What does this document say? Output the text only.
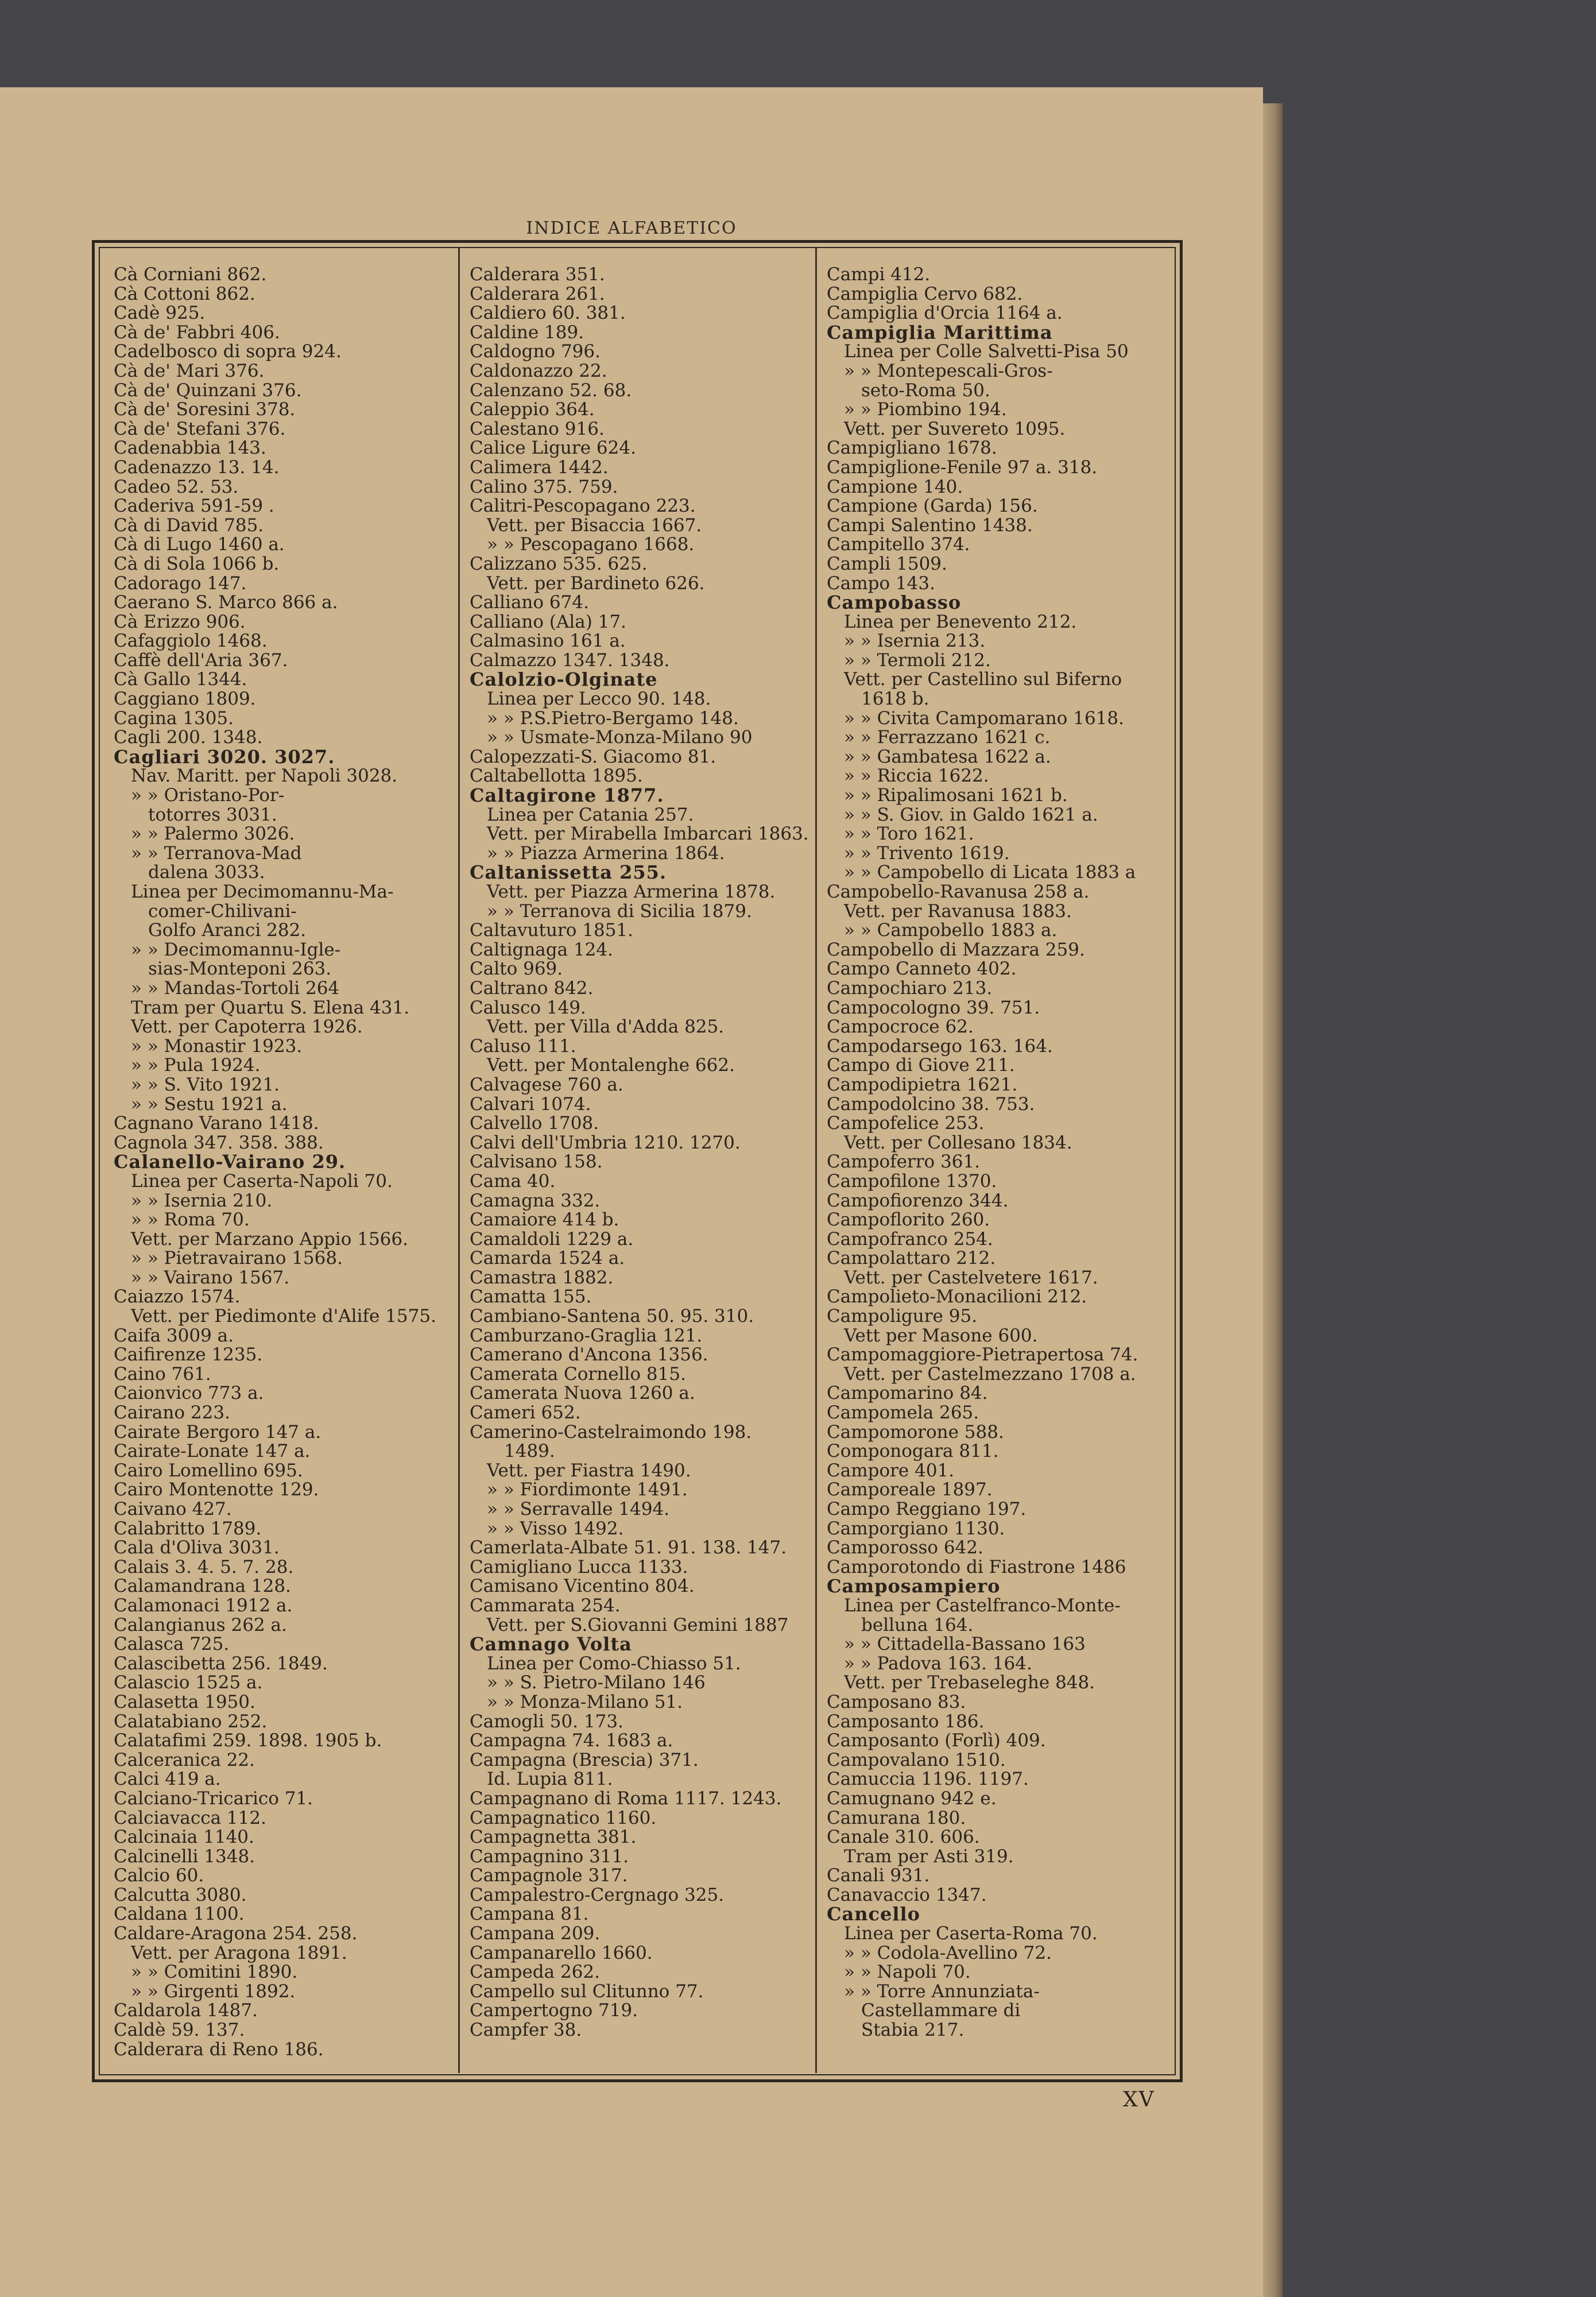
INDICE ALFABETICO
Cà Corniani 862.
Cà Cottoni 862.
Cadè 925.
Cà de' Fabbri 406.
Cadelbosco di sopra 924.
Cà de' Mari 376.
Cà de' Quinzani 376.
Cà de' Soresini 378.
Cà de' Stefani 376.
Cadenabbia 143.
Cadenazzo 13. 14.
Cadeo 52. 53.
Caderiva 591-59 .
Cà di David 785.
Cà di Lugo 1460 a.
Cà di Sola 1066 b.
Cadorago 147.
Caerano S. Marco 866 a.
Cà Erizzo 906.
Cafaggiolo 1468.
Caffè dell'Aria 367.
Cà Gallo 1344.
Caggiano 1809.
Cagina 1305.
Cagli 200. 1348.
Cagliari 3020. 3027.
Nav. Maritt. per Napoli 3028.
» » Oristano-Por-
totorres 3031.
» » Palermo 3026.
» » Terranova-Mad
dalena 3033.
Linea per Decimomannu-Ma-
comer-Chilivani-
Golfo Aranci 282.
» » Decimomannu-Igle-
sias-Monteponi 263.
» » Mandas-Tortoli 264
Tram per Quartu S. Elena 431.
Vett. per Capoterra 1926.
» » Monastir 1923.
» » Pula 1924.
» » S. Vito 1921.
» » Sestu 1921 a.
Cagnano Varano 1418.
Cagnola 347. 358. 388.
Calanello-Vairano 29.
Linea per Caserta-Napoli 70.
» » Isernia 210.
» » Roma 70.
Vett. per Marzano Appio 1566.
» » Pietravairano 1568.
» » Vairano 1567.
Caiazzo 1574.
Vett. per Piedimonte d'Alife 1575.
Caifa 3009 a.
Caifirenze 1235.
Caino 761.
Caionvico 773 a.
Cairano 223.
Cairate Bergoro 147 a.
Cairate-Lonate 147 a.
Cairo Lomellino 695.
Cairo Montenotte 129.
Caivano 427.
Calabritto 1789.
Cala d'Oliva 3031.
Calais 3. 4. 5. 7. 28.
Calamandrana 128.
Calamonaci 1912 a.
Calangianus 262 a.
Calasca 725.
Calascibetta 256. 1849.
Calascio 1525 a.
Calasetta 1950.
Calatabiano 252.
Calatafimi 259. 1898. 1905 b.
Calceranica 22.
Calci 419 a.
Calciano-Tricarico 71.
Calciavacca 112.
Calcinaia 1140.
Calcinelli 1348.
Calcio 60.
Calcutta 3080.
Caldana 1100.
Caldare-Aragona 254. 258.
Vett. per Aragona 1891.
» » Comitini 1890.
» » Girgenti 1892.
Caldarola 1487.
Caldè 59. 137.
Calderara di Reno 186.
Calderara 351.
Calderara 261.
Caldiero 60. 381.
Caldine 189.
Caldogno 796.
Caldonazzo 22.
Calenzano 52. 68.
Caleppio 364.
Calestano 916.
Calice Ligure 624.
Calimera 1442.
Calino 375. 759.
Calitri-Pescopagano 223.
Vett. per Bisaccia 1667.
» » Pescopagano 1668.
Calizzano 535. 625.
Vett. per Bardineto 626.
Calliano 674.
Calliano (Ala) 17.
Calmasino 161 a.
Calmazzo 1347. 1348.
Calolzio-Olginate
Linea per Lecco 90. 148.
» » P.S.Pietro-Bergamo 148.
» » Usmate-Monza-Milano 90
Calopezzati-S. Giacomo 81.
Caltabellotta 1895.
Caltagirone 1877.
Linea per Catania 257.
Vett. per Mirabella Imbarcari 1863.
» » Piazza Armerina 1864.
Caltanissetta 255.
Vett. per Piazza Armerina 1878.
» » Terranova di Sicilia 1879.
Caltavuturo 1851.
Caltignaga 124.
Calto 969.
Caltrano 842.
Calusco 149.
Vett. per Villa d'Adda 825.
Caluso 111.
Vett. per Montalenghe 662.
Calvagese 760 a.
Calvari 1074.
Calvello 1708.
Calvi dell'Umbria 1210. 1270.
Calvisano 158.
Cama 40.
Camagna 332.
Camaiore 414 b.
Camaldoli 1229 a.
Camarda 1524 a.
Camastra 1882.
Camatta 155.
Cambiano-Santena 50. 95. 310.
Camburzano-Graglia 121.
Camerano d'Ancona 1356.
Camerata Cornello 815.
Camerata Nuova 1260 a.
Cameri 652.
Camerino-Castelraimondo 198.
1489.
Vett. per Fiastra 1490.
» » Fiordimonte 1491.
» » Serravalle 1494.
» » Visso 1492.
Camerlata-Albate 51. 91. 138. 147.
Camigliano Lucca 1133.
Camisano Vicentino 804.
Cammarata 254.
Vett. per S.Giovanni Gemini 1887
Camnago Volta
Linea per Como-Chiasso 51.
» » S. Pietro-Milano 146
» » Monza-Milano 51.
Camogli 50. 173.
Campagna 74. 1683 a.
Campagna (Brescia) 371.
Id. Lupia 811.
Campagnano di Roma 1117. 1243.
Campagnatico 1160.
Campagnetta 381.
Campagnino 311.
Campagnole 317.
Campalestro-Cergnago 325.
Campana 81.
Campana 209.
Campanarello 1660.
Campeda 262.
Campello sul Clitunno 77.
Campertogno 719.
Campfer 38.
Campi 412.
Campiglia Cervo 682.
Campiglia d'Orcia 1164 a.
Campiglia Marittima
Linea per Colle Salvetti-Pisa 50
» » Montepescali-Gros-
seto-Roma 50.
» » Piombino 194.
Vett. per Suvereto 1095.
Campigliano 1678.
Campiglione-Fenile 97 a. 318.
Campione 140.
Campione (Garda) 156.
Campi Salentino 1438.
Campitello 374.
Campli 1509.
Campo 143.
Campobasso
Linea per Benevento 212.
» » Isernia 213.
» » Termoli 212.
Vett. per Castellino sul Biferno
1618 b.
» » Civita Campomarano 1618.
» » Ferrazzano 1621 c.
» » Gambatesa 1622 a.
» » Riccia 1622.
» » Ripalimosani 1621 b.
» » S. Giov. in Galdo 1621 a.
» » Toro 1621.
» » Trivento 1619.
» » Campobello di Licata 1883 a
Campobello-Ravanusa 258 a.
Vett. per Ravanusa 1883.
» » Campobello 1883 a.
Campobello di Mazzara 259.
Campo Canneto 402.
Campochiaro 213.
Campocologno 39. 751.
Campocroce 62.
Campodarsego 163. 164.
Campo di Giove 211.
Campodipietra 1621.
Campodolcino 38. 753.
Campofelice 253.
Vett. per Collesano 1834.
Campoferro 361.
Campofilone 1370.
Campofiorenzo 344.
Campoflorito 260.
Campofranco 254.
Campolattaro 212.
Vett. per Castelvetere 1617.
Campolieto-Monacilioni 212.
Campoligure 95.
Vett per Masone 600.
Campomaggiore-Pietrapertosa 74.
Vett. per Castelmezzano 1708 a.
Campomarino 84.
Campomela 265.
Campomorone 588.
Componogara 811.
Campore 401.
Camporeale 1897.
Campo Reggiano 197.
Camporgiano 1130.
Camporosso 642.
Camporotondo di Fiastrone 1486
Camposampiero
Linea per Castelfranco-Monte-
belluna 164.
» » Cittadella-Bassano 163
» » Padova 163. 164.
Vett. per Trebaseleghe 848.
Camposano 83.
Camposanto 186.
Camposanto (Forlì) 409.
Campovalano 1510.
Camuccia 1196. 1197.
Camugnano 942 e.
Camurana 180.
Canale 310. 606.
Tram per Asti 319.
Canali 931.
Canavaccio 1347.
Cancello
Linea per Caserta-Roma 70.
» » Codola-Avellino 72.
» » Napoli 70.
» » Torre Annunziata-
Castellammare di
Stabia 217.
XV
